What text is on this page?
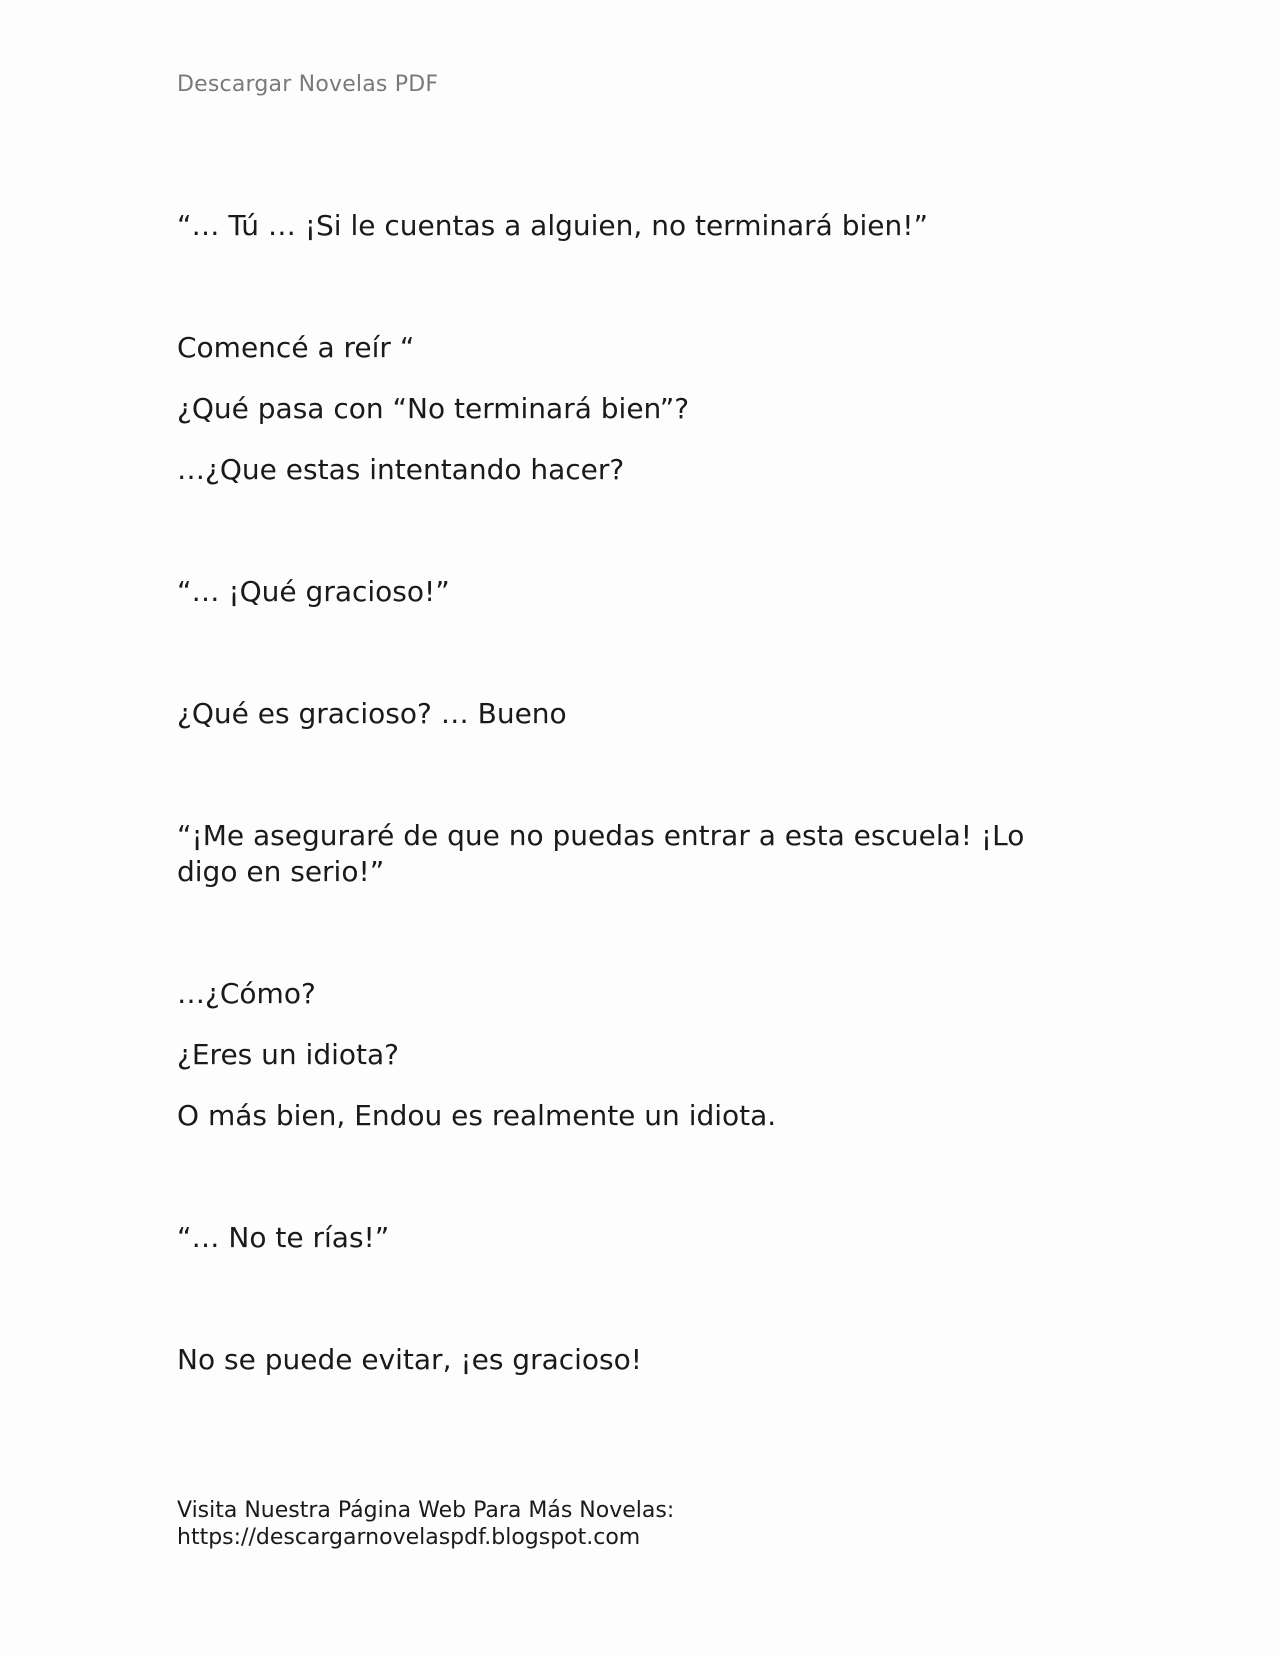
Descargar Novelas PDF
“… Tú … ¡Si le cuentas a alguien, no terminará bien!”
Comencé a reír “
¿Qué pasa con “No terminará bien”?
…¿Que estas intentando hacer?
“… ¡Qué gracioso!”
¿Qué es gracioso? … Bueno
“¡Me aseguraré de que no puedas entrar a esta escuela! ¡Lo digo en serio!”
…¿Cómo?
¿Eres un idiota?
O más bien, Endou es realmente un idiota.
“… No te rías!”
No se puede evitar, ¡es gracioso!
Visita Nuestra Página Web Para Más Novelas:
https://descargarnovelaspdf.blogspot.com
